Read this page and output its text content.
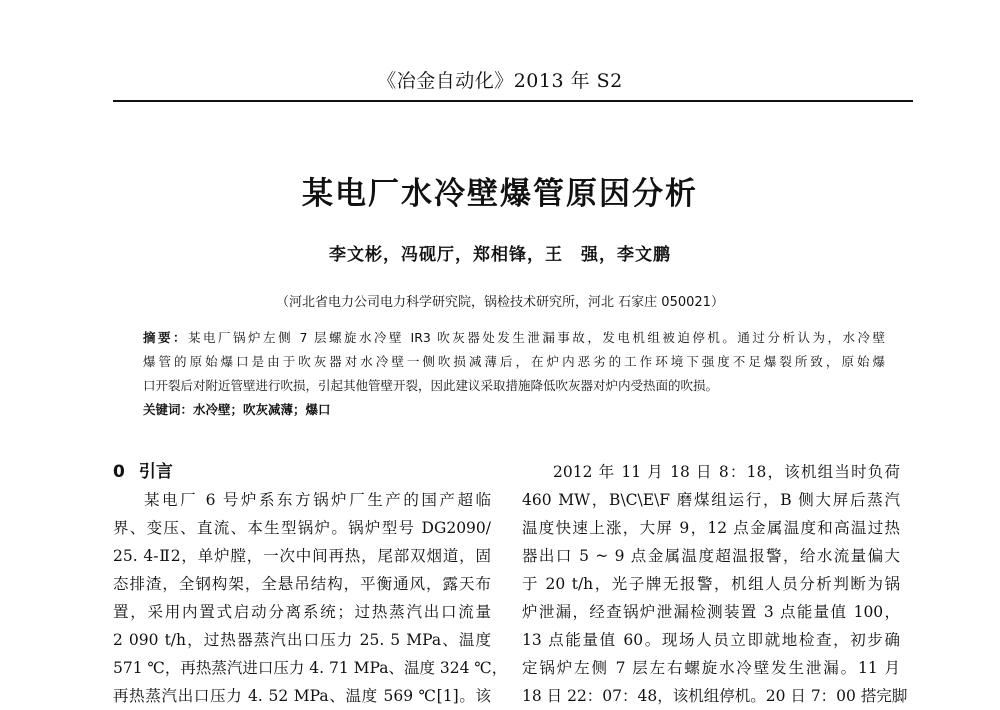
《冶金自动化》2013 年 S2
某电厂水冷壁爆管原因分析
李文彬，冯砚厅，郑相锋，王　强，李文鹏
（河北省电力公司电力科学研究院，锅检技术研究所，河北 石家庄 050021）
摘要：某电厂锅炉左侧 7 层螺旋水冷壁 IR3 吹灰器处发生泄漏事故，发电机组被迫停机。通过分析认为，水冷壁
爆管的原始爆口是由于吹灰器对水冷壁一侧吹损减薄后，在炉内恶劣的工作环境下强度不足爆裂所致，原始爆
口开裂后对附近管壁进行吹损，引起其他管壁开裂，因此建议采取措施降低吹灰器对炉内受热面的吹损。
关键词：水冷壁；吹灰减薄；爆口
0 引言
某电厂 6 号炉系东方锅炉厂生产的国产超临
界、变压、直流、本生型锅炉。锅炉型号 DG2090/
25. 4-Ⅱ2，单炉膛，一次中间再热，尾部双烟道，固
态排渣，全钢构架，全悬吊结构，平衡通风，露天布
置，采用内置式启动分离系统；过热蒸汽出口流量
2 090 t/h，过热器蒸汽出口压力 25. 5 MPa、温度
571 ℃，再热蒸汽进口压力 4. 71 MPa、温度 324 ℃，
再热蒸汽出口压力 4. 52 MPa、温度 569 ℃[1]。该
2012 年 11 月 18 日 8：18，该机组当时负荷
460 MW，B\C\E\F 磨煤组运行，B 侧大屏后蒸汽
温度快速上涨，大屏 9，12 点金属温度和高温过热
器出口 5 ~ 9 点金属温度超温报警，给水流量偏大
于 20 t/h，光子牌无报警，机组人员分析判断为锅
炉泄漏，经查锅炉泄漏检测装置 3 点能量值 100，
13 点能量值 60。现场人员立即就地检查，初步确
定锅炉左侧 7 层左右螺旋水冷壁发生泄漏。11 月
18 日 22：07：48，该机组停机。20 日 7：00 搭完脚
